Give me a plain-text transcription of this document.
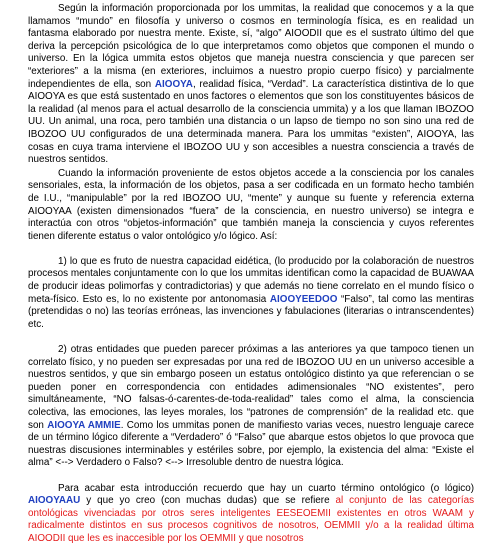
Según la información proporcionada por los ummitas, la realidad que conocemos y a la que llamamos “mundo” en filosofía y universo o cosmos en terminología física, es en realidad un fantasma elaborado por nuestra mente. Existe, sí, “algo” AIOODII que es el sustrato último del que deriva la percepción psicológica de lo que interpretamos como objetos que componen el mundo o universo. En la lógica ummita estos objetos que maneja nuestra consciencia y que parecen ser “exteriores” a la misma (en exteriores, incluimos a nuestro propio cuerpo físico) y parcialmente independientes de ella, son AIOOYA, realidad física, “Verdad”. La característica distintiva de lo que AIOOYA es que está sustentado en unos factores o elementos que son los constituyentes básicos de la realidad (al menos para el actual desarrollo de la consciencia ummita) y a los que llaman IBOZOO UU. Un animal, una roca, pero también una distancia o un lapso de tiempo no son sino una red de IBOZOO UU configurados de una determinada manera. Para los ummitas “existen”, AIOOYA, las cosas en cuya trama interviene el IBOZOO UU y son accesibles a nuestra consciencia a través de nuestros sentidos.

Cuando la información proveniente de estos objetos accede a la consciencia por los canales sensoriales, esta, la información de los objetos, pasa a ser codificada en un formato hecho también de I.U., “manipulable” por la red IBOZOO UU, “mente” y aunque su fuente y referencia externa AIOOYAA (existen dimensionados “fuera” de la consciencia, en nuestro universo) se integra e interactúa con otros “objetos-información” que también maneja la consciencia y cuyos referentes tienen diferente estatus o valor ontológico y/o lógico. Así:

1) lo que es fruto de nuestra capacidad eidética, (lo producido por la colaboración de nuestros procesos mentales conjuntamente con lo que los ummitas identifican como la capacidad de BUAWAA de producir ideas polimorfas y contradictorias) y que además no tiene correlato en el mundo físico o meta-físico. Esto es, lo no existente por antonomasia AIOOYEEDOO “Falso”, tal como las mentiras (pretendidas o no) las teorías erróneas, las invenciones y fabulaciones (literarias o intranscendentes) etc.

2) otras entidades que pueden parecer próximas a las anteriores ya que tampoco tienen un correlato físico, y no pueden ser expresadas por una red de IBOZOO UU en un universo accesible a nuestros sentidos, y que sin embargo poseen un estatus ontológico distinto ya que referencian o se pueden poner en correspondencia con entidades adimensionales “NO existentes”, pero simultáneamente, “NO falsas-ó-carentes-de-toda-realidad” tales como el alma, la consciencia colectiva, las emociones, las leyes morales, los “patrones de comprensión” de la realidad etc. que son AIOOYA AMMIE. Como los ummitas ponen de manifiesto varias veces, nuestro lenguaje carece de un término lógico diferente a “Verdadero” ó “Falso” que abarque estos objetos lo que provoca que nuestras discusiones interminables y estériles sobre, por ejemplo, la existencia del alma: “Existe el alma” <--> Verdadero o Falso? <--> Irresoluble dentro de nuestra lógica.

Para acabar esta introducción recuerdo que hay un cuarto término ontológico (o lógico) AIOOYAAU y que yo creo (con muchas dudas) que se refiere al conjunto de las categorías ontológicas vivenciadas por otros seres inteligentes EESEOEMII existentes en otros WAAM y radicalmente distintos en sus procesos cognitivos de nosotros, OEMMII y/o a la realidad última AIOODII que les es inaccesible por los OEMMII y que nosotros
